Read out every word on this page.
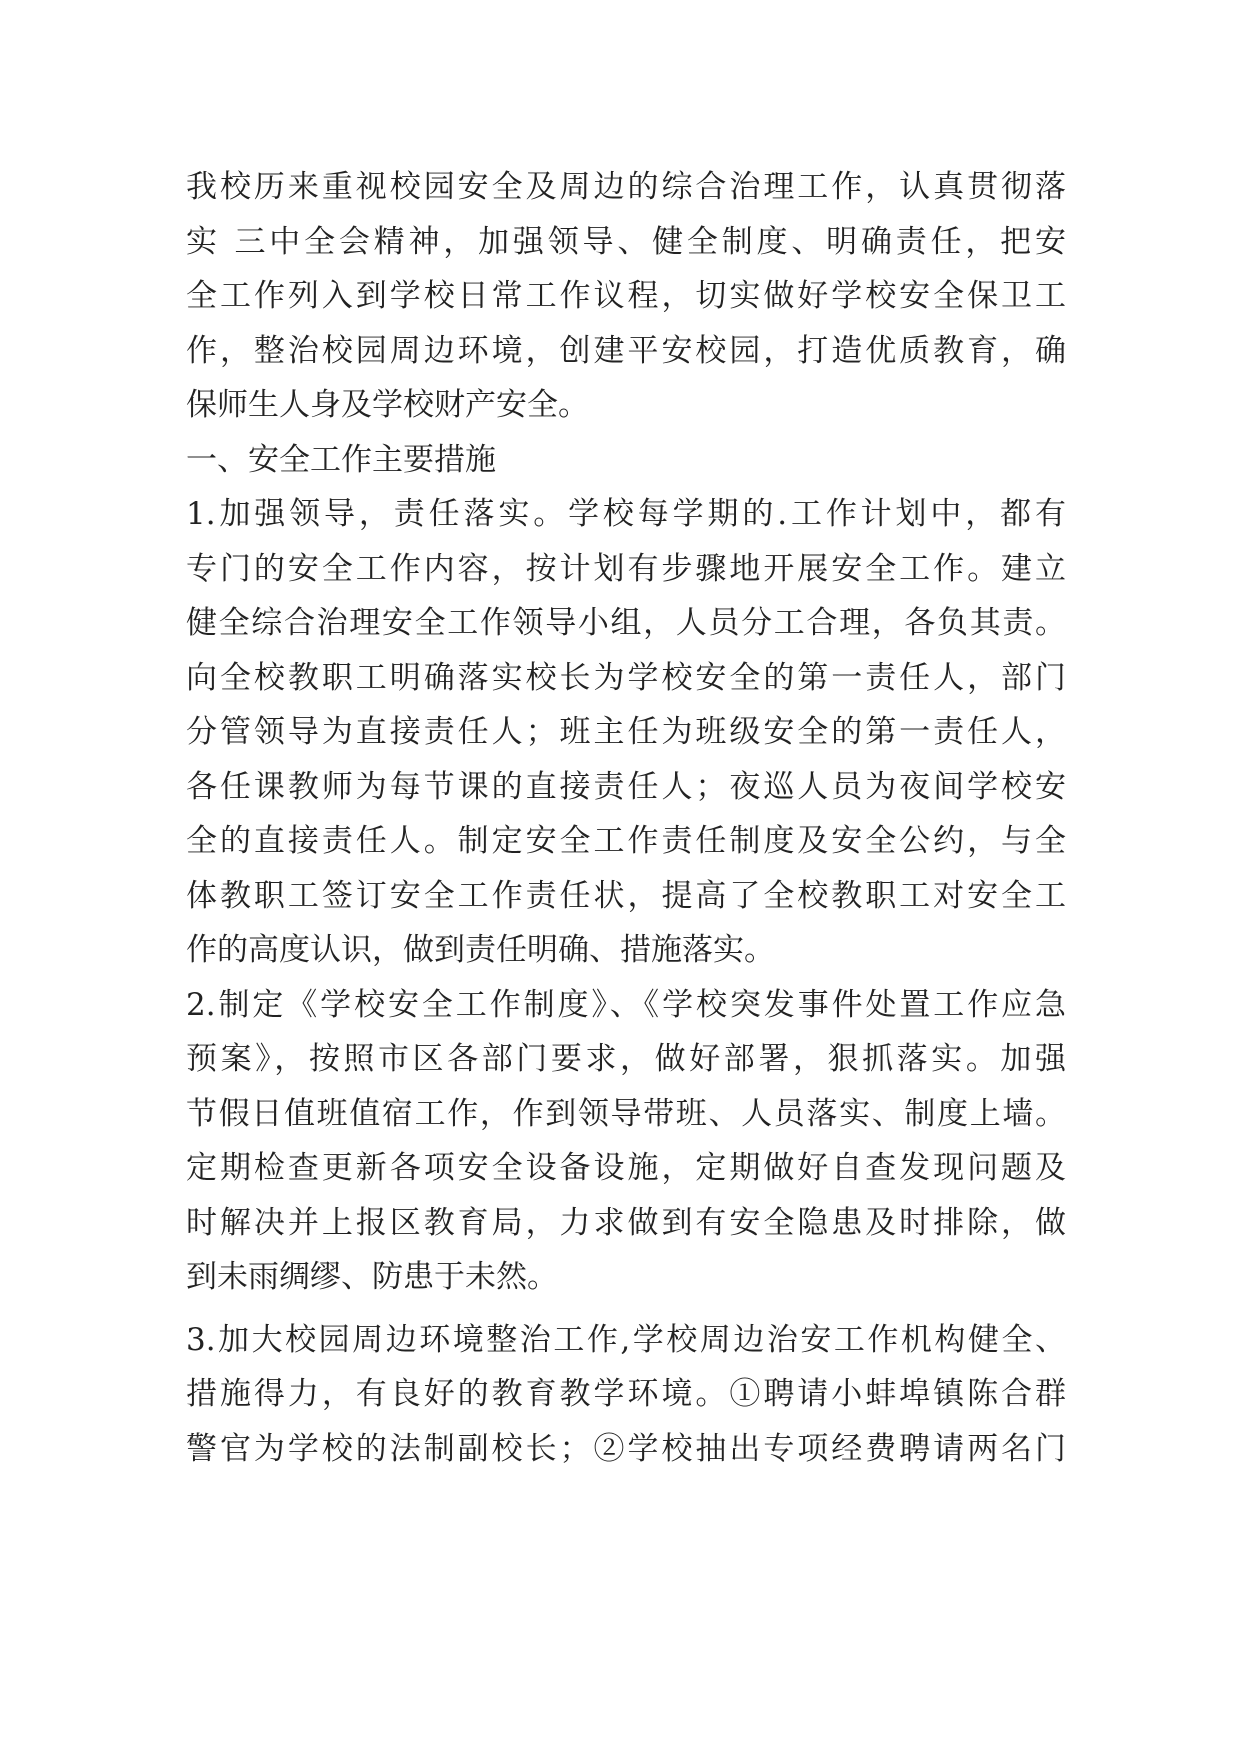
我校历来重视校园安全及周边的综合治理工作，认真贯彻落
实 三中全会精神，加强领导、健全制度、明确责任，把安
全工作列入到学校日常工作议程，切实做好学校安全保卫工
作，整治校园周边环境，创建平安校园，打造优质教育，确
保师生人身及学校财产安全。
一、安全工作主要措施
1.加强领导，责任落实。学校每学期的.工作计划中，都有
专门的安全工作内容，按计划有步骤地开展安全工作。建立
健全综合治理安全工作领导小组，人员分工合理，各负其责。
向全校教职工明确落实校长为学校安全的第一责任人，部门
分管领导为直接责任人；班主任为班级安全的第一责任人，
各任课教师为每节课的直接责任人；夜巡人员为夜间学校安
全的直接责任人。制定安全工作责任制度及安全公约，与全
体教职工签订安全工作责任状，提高了全校教职工对安全工
作的高度认识，做到责任明确、措施落实。
2.制定《学校安全工作制度》、《学校突发事件处置工作应急
预案》，按照市区各部门要求，做好部署，狠抓落实。加强
节假日值班值宿工作，作到领导带班、人员落实、制度上墙。
定期检查更新各项安全设备设施，定期做好自查发现问题及
时解决并上报区教育局，力求做到有安全隐患及时排除，做
到未雨绸缪、防患于未然。
3.加大校园周边环境整治工作,学校周边治安工作机构健全、
措施得力，有良好的教育教学环境。①聘请小蚌埠镇陈合群
警官为学校的法制副校长；②学校抽出专项经费聘请两名门
